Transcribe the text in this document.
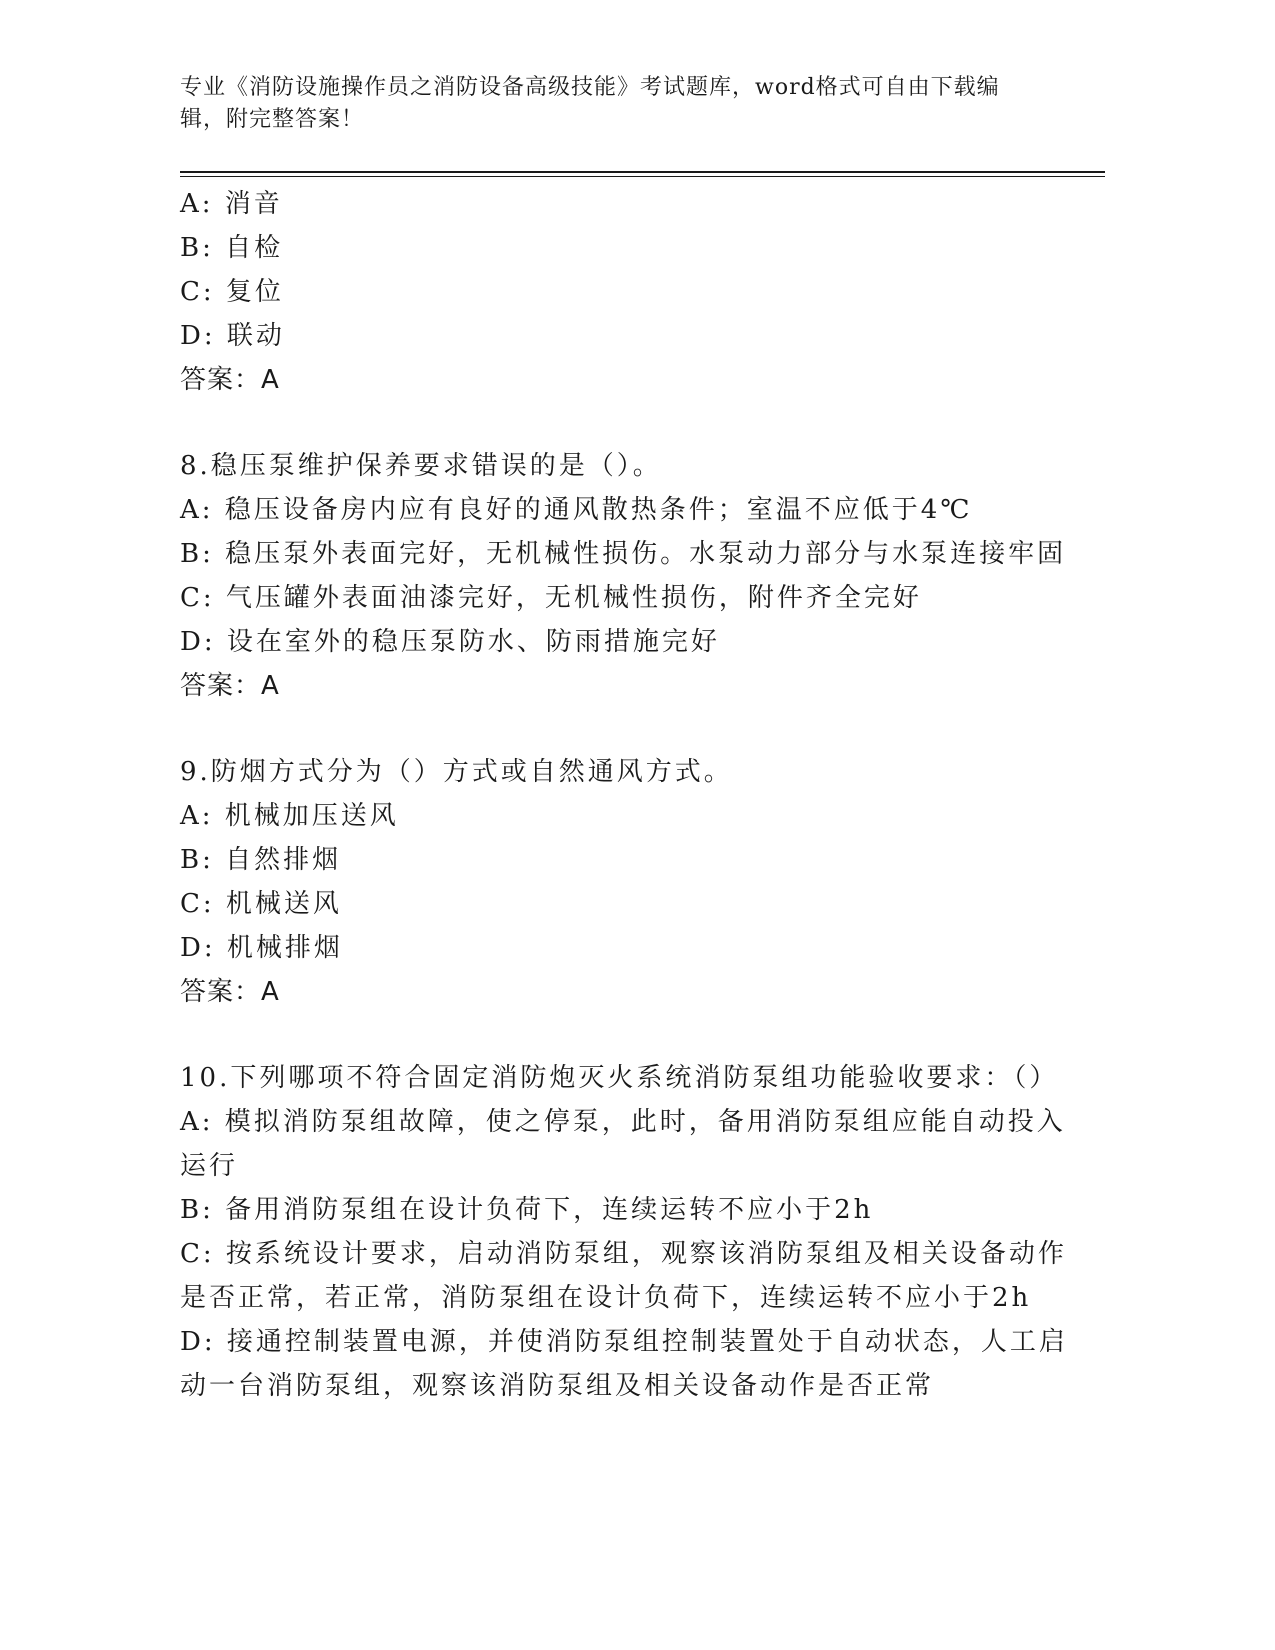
专业《消防设施操作员之消防设备高级技能》考试题库，word格式可自由下载编
辑，附完整答案！
A: 消音
B: 自检
C: 复位
D: 联动
答案：A
8.稳压泵维护保养要求错误的是（）。
A: 稳压设备房内应有良好的通风散热条件；室温不应低于4℃
B: 稳压泵外表面完好，无机械性损伤。水泵动力部分与水泵连接牢固
C: 气压罐外表面油漆完好，无机械性损伤，附件齐全完好
D: 设在室外的稳压泵防水、防雨措施完好
答案：A
9.防烟方式分为（）方式或自然通风方式。
A: 机械加压送风
B: 自然排烟
C: 机械送风
D: 机械排烟
答案：A
10.下列哪项不符合固定消防炮灭火系统消防泵组功能验收要求：（）
A: 模拟消防泵组故障，使之停泵，此时，备用消防泵组应能自动投入
运行
B: 备用消防泵组在设计负荷下，连续运转不应小于2h
C: 按系统设计要求，启动消防泵组，观察该消防泵组及相关设备动作
是否正常，若正常，消防泵组在设计负荷下，连续运转不应小于2h
D: 接通控制装置电源，并使消防泵组控制装置处于自动状态，人工启
动一台消防泵组，观察该消防泵组及相关设备动作是否正常
